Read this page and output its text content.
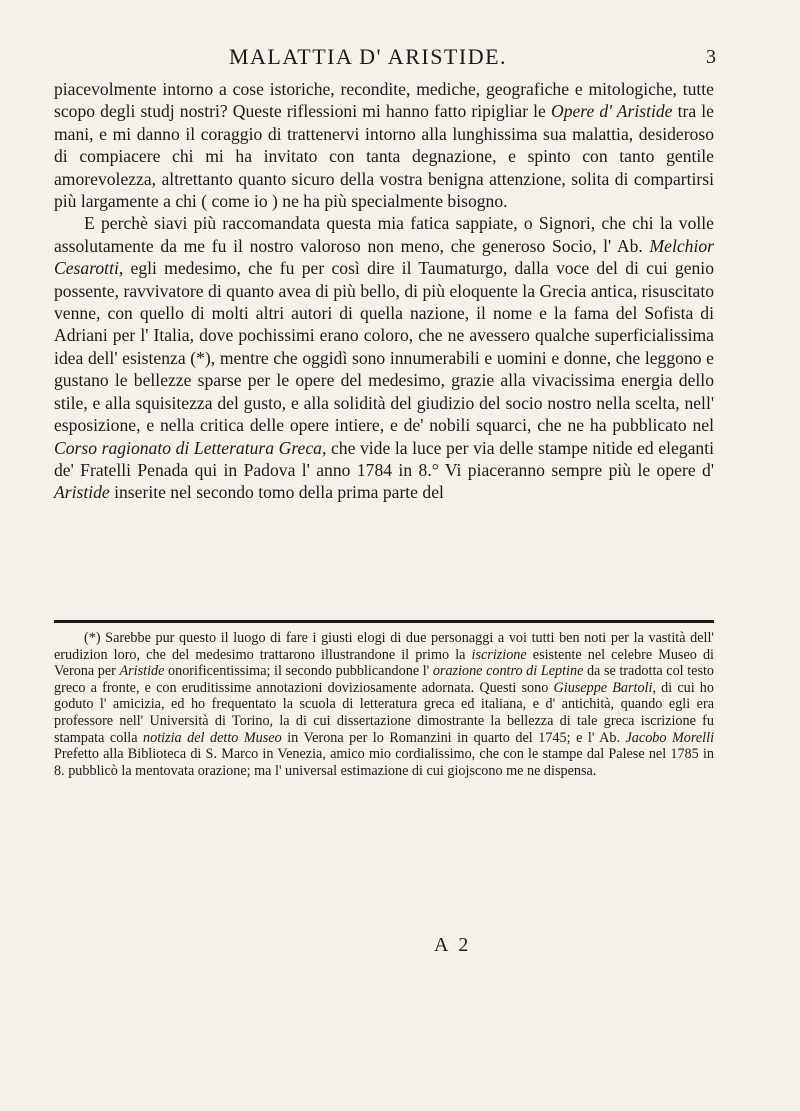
MALATTIA D' ARISTIDE.	3

piacevolmente intorno a cose istoriche, recondite, mediche, geografiche e mitologiche, tutte scopo degli studj nostri? Queste riflessioni mi hanno fatto ripigliar le Opere d' Aristide tra le mani, e mi danno il coraggio di trattenervi intorno alla lunghissima sua malattia, desideroso di compiacere chi mi ha invitato con tanta degnazione, e spinto con tanto gentile amorevolezza, altrettanto quanto sicuro della vostra benigna attenzione, solita di compartirsi più largamente a chi ( come io ) ne ha più specialmente bisogno.

E perchè siavi più raccomandata questa mia fatica sappiate, o Signori, che chi la volle assolutamente da me fu il nostro valoroso non meno, che generoso Socio, l' Ab. Melchior Cesarotti, egli medesimo, che fu per così dire il Taumaturgo, dalla voce del di cui genio possente, ravvivatore di quanto avea di più bello, di più eloquente la Grecia antica, risuscitato venne, con quello di molti altri autori di quella nazione, il nome e la fama del Sofista di Adriani per l' Italia, dove pochissimi erano coloro, che ne avessero qualche superficialissima idea dell' esistenza (*), mentre che oggidì sono innumerabili e uomini e donne, che leggono e gustano le bellezze sparse per le opere del medesimo, grazie alla vivacissima energia dello stile, e alla squisitezza del gusto, e alla solidità del giudizio del socio nostro nella scelta, nell' esposizione, e nella critica delle opere intiere, e de' nobili squarci, che ne ha pubblicato nel Corso ragionato di Letteratura Greca, che vide la luce per via delle stampe nitide ed eleganti de' Fratelli Penada qui in Padova l' anno 1784 in 8.° Vi piaceranno sempre più le opere d' Aristide inserite nel secondo tomo della prima parte del

(*) Sarebbe pur questo il luogo di fare i giusti elogi di due personaggi a voi tutti ben noti per la vastità dell' erudizion loro, che del medesimo trattarono illustrandone il primo la iscrizione esistente nel celebre Museo di Verona per Aristide onorificentissima; il secondo pubblicandone l' orazione contro di Leptine da se tradotta col testo greco a fronte, e con eruditissime annotazioni doviziosamente adornata. Questi sono Giuseppe Bartoli, di cui ho goduto l' amicizia, ed ho frequentato la scuola di letteratura greca ed italiana, e d' antichità, quando egli era professore nell' Università di Torino, la di cui dissertazione dimostrante la bellezza di tale greca iscrizione fu stampata colla notizia del detto Museo in Verona per lo Romanzini in quarto del 1745; e l' Ab. Jacobo Morelli Prefetto alla Biblioteca di S. Marco in Venezia, amico mio cordialissimo, che con le stampe dal Palese nel 1785 in 8. pubblicò la mentovata orazione; ma l' universal estimazione di cui giojscono me ne dispensa.

A 2
